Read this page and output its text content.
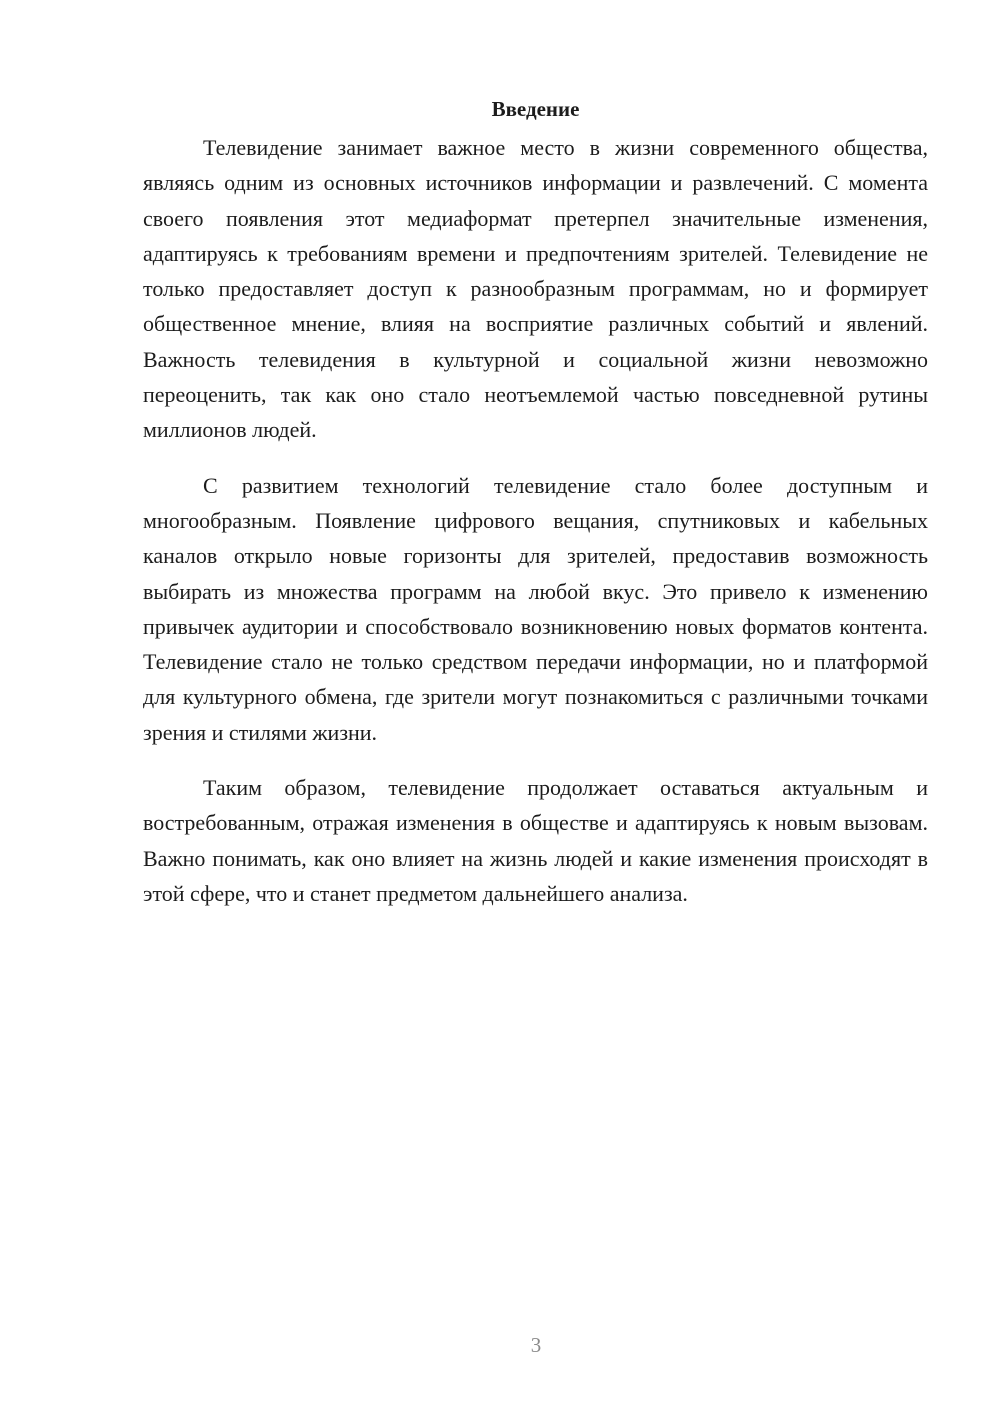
Введение

Телевидение занимает важное место в жизни современного общества, являясь одним из основных источников информации и развлечений. С момента своего появления этот медиаформат претерпел значительные изменения, адаптируясь к требованиям времени и предпочтениям зрителей. Телевидение не только предоставляет доступ к разнообразным программам, но и формирует общественное мнение, влияя на восприятие различных событий и явлений. Важность телевидения в культурной и социальной жизни невозможно переоценить, так как оно стало неотъемлемой частью повседневной рутины миллионов людей.

С развитием технологий телевидение стало более доступным и многообразным. Появление цифрового вещания, спутниковых и кабельных каналов открыло новые горизонты для зрителей, предоставив возможность выбирать из множества программ на любой вкус. Это привело к изменению привычек аудитории и способствовало возникновению новых форматов контента. Телевидение стало не только средством передачи информации, но и платформой для культурного обмена, где зрители могут познакомиться с различными точками зрения и стилями жизни.

Таким образом, телевидение продолжает оставаться актуальным и востребованным, отражая изменения в обществе и адаптируясь к новым вызовам. Важно понимать, как оно влияет на жизнь людей и какие изменения происходят в этой сфере, что и станет предметом дальнейшего анализа.

3
